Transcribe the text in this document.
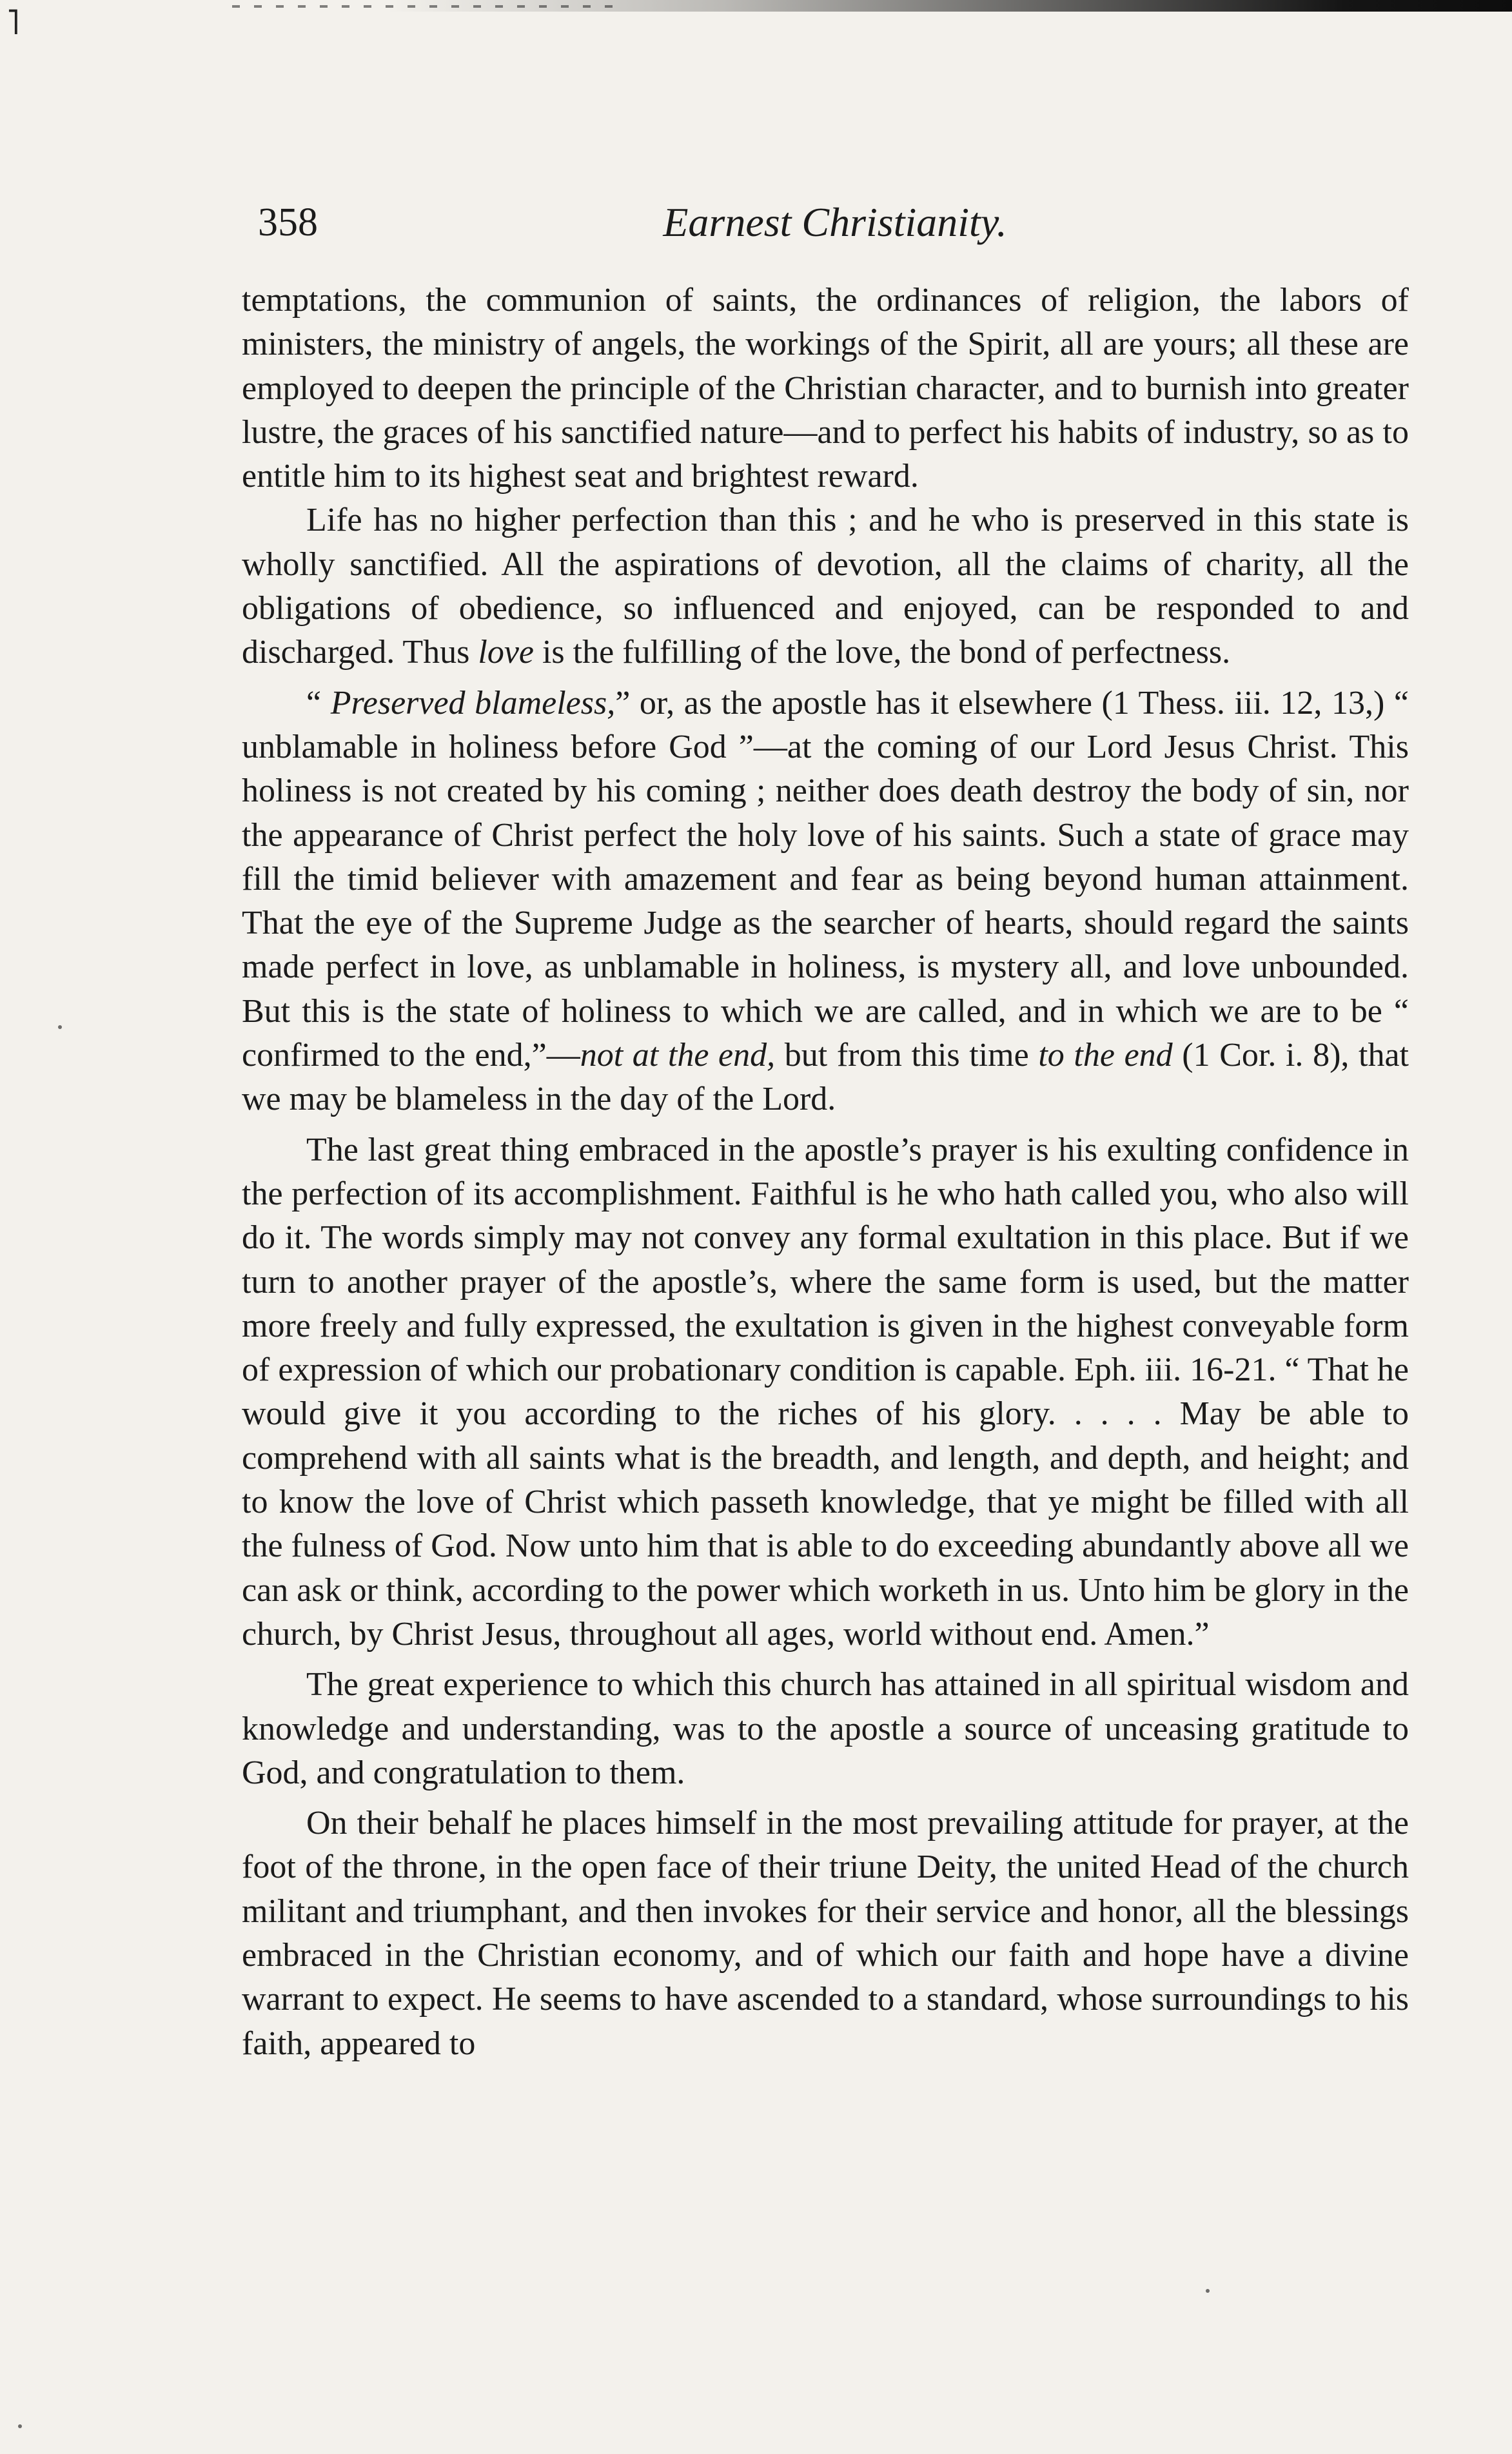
˥
358	Earnest Christianity.

temptations, the communion of saints, the ordinances of religion, the labors of ministers, the ministry of angels, the workings of the Spirit, all are yours; all these are employed to deepen the principle of the Christian character, and to burnish into greater lustre, the graces of his sanctified nature—and to perfect his habits of industry, so as to entitle him to its highest seat and brightest reward.

Life has no higher perfection than this ; and he who is preserved in this state is wholly sanctified. All the aspirations of devotion, all the claims of charity, all the obligations of obedience, so influenced and enjoyed, can be responded to and discharged. Thus love is the fulfilling of the love, the bond of perfectness.

“ Preserved blameless,” or, as the apostle has it elsewhere (1 Thess. iii. 12, 13,) “ unblamable in holiness before God ”—at the coming of our Lord Jesus Christ. This holiness is not created by his coming ; neither does death destroy the body of sin, nor the appearance of Christ perfect the holy love of his saints. Such a state of grace may fill the timid believer with amazement and fear as being beyond human attainment. That the eye of the Supreme Judge as the searcher of hearts, should regard the saints made perfect in love, as unblamable in holiness, is mystery all, and love unbounded. But this is the state of holiness to which we are called, and in which we are to be “ confirmed to the end,”—not at the end, but from this time to the end (1 Cor. i. 8), that we may be blameless in the day of the Lord.

The last great thing embraced in the apostle’s prayer is his exulting confidence in the perfection of its accomplishment. Faithful is he who hath called you, who also will do it. The words simply may not convey any formal exultation in this place. But if we turn to another prayer of the apostle’s, where the same form is used, but the matter more freely and fully expressed, the exultation is given in the highest conveyable form of expression of which our probationary condition is capable. Eph. iii. 16-21. “ That he would give it you according to the riches of his glory. . . . . May be able to comprehend with all saints what is the breadth, and length, and depth, and height; and to know the love of Christ which passeth knowledge, that ye might be filled with all the fulness of God. Now unto him that is able to do exceeding abundantly above all we can ask or think, according to the power which worketh in us. Unto him be glory in the church, by Christ Jesus, throughout all ages, world without end. Amen.”

The great experience to which this church has attained in all spiritual wisdom and knowledge and understanding, was to the apostle a source of unceasing gratitude to God, and congratulation to them.

On their behalf he places himself in the most prevailing attitude for prayer, at the foot of the throne, in the open face of their triune Deity, the united Head of the church militant and triumphant, and then invokes for their service and honor, all the blessings embraced in the Christian economy, and of which our faith and hope have a divine warrant to expect. He seems to have ascended to a standard, whose surroundings to his faith, appeared to
